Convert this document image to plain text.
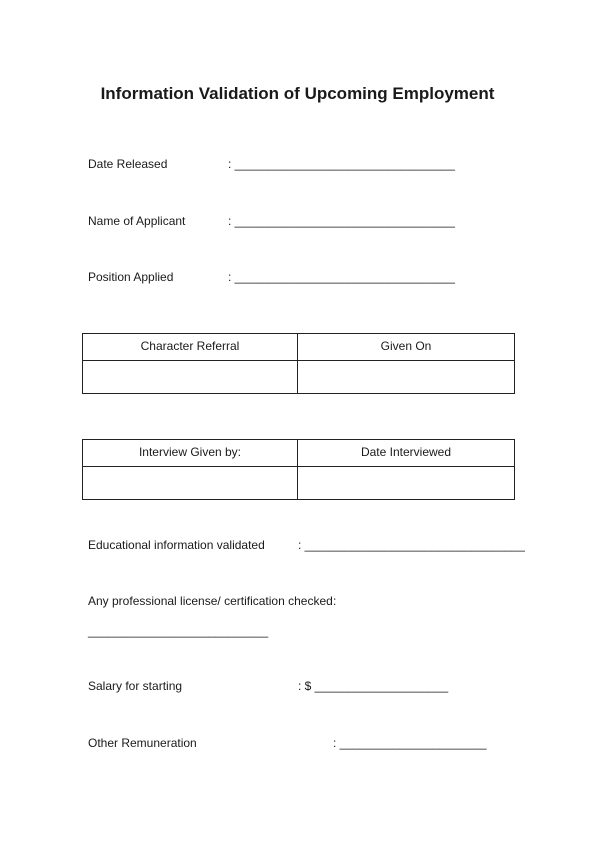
Information Validation of Upcoming Employment
Date Released	: _________________________________
Name of Applicant	: _________________________________
Position Applied	: _________________________________
Character Referral	Given On

Interview Given by:	Date Interviewed

Educational information validated	: _________________________________
Any professional license/ certification checked :
___________________________
Salary for starting	: $ ____________________
Other Remuneration	: ______________________
